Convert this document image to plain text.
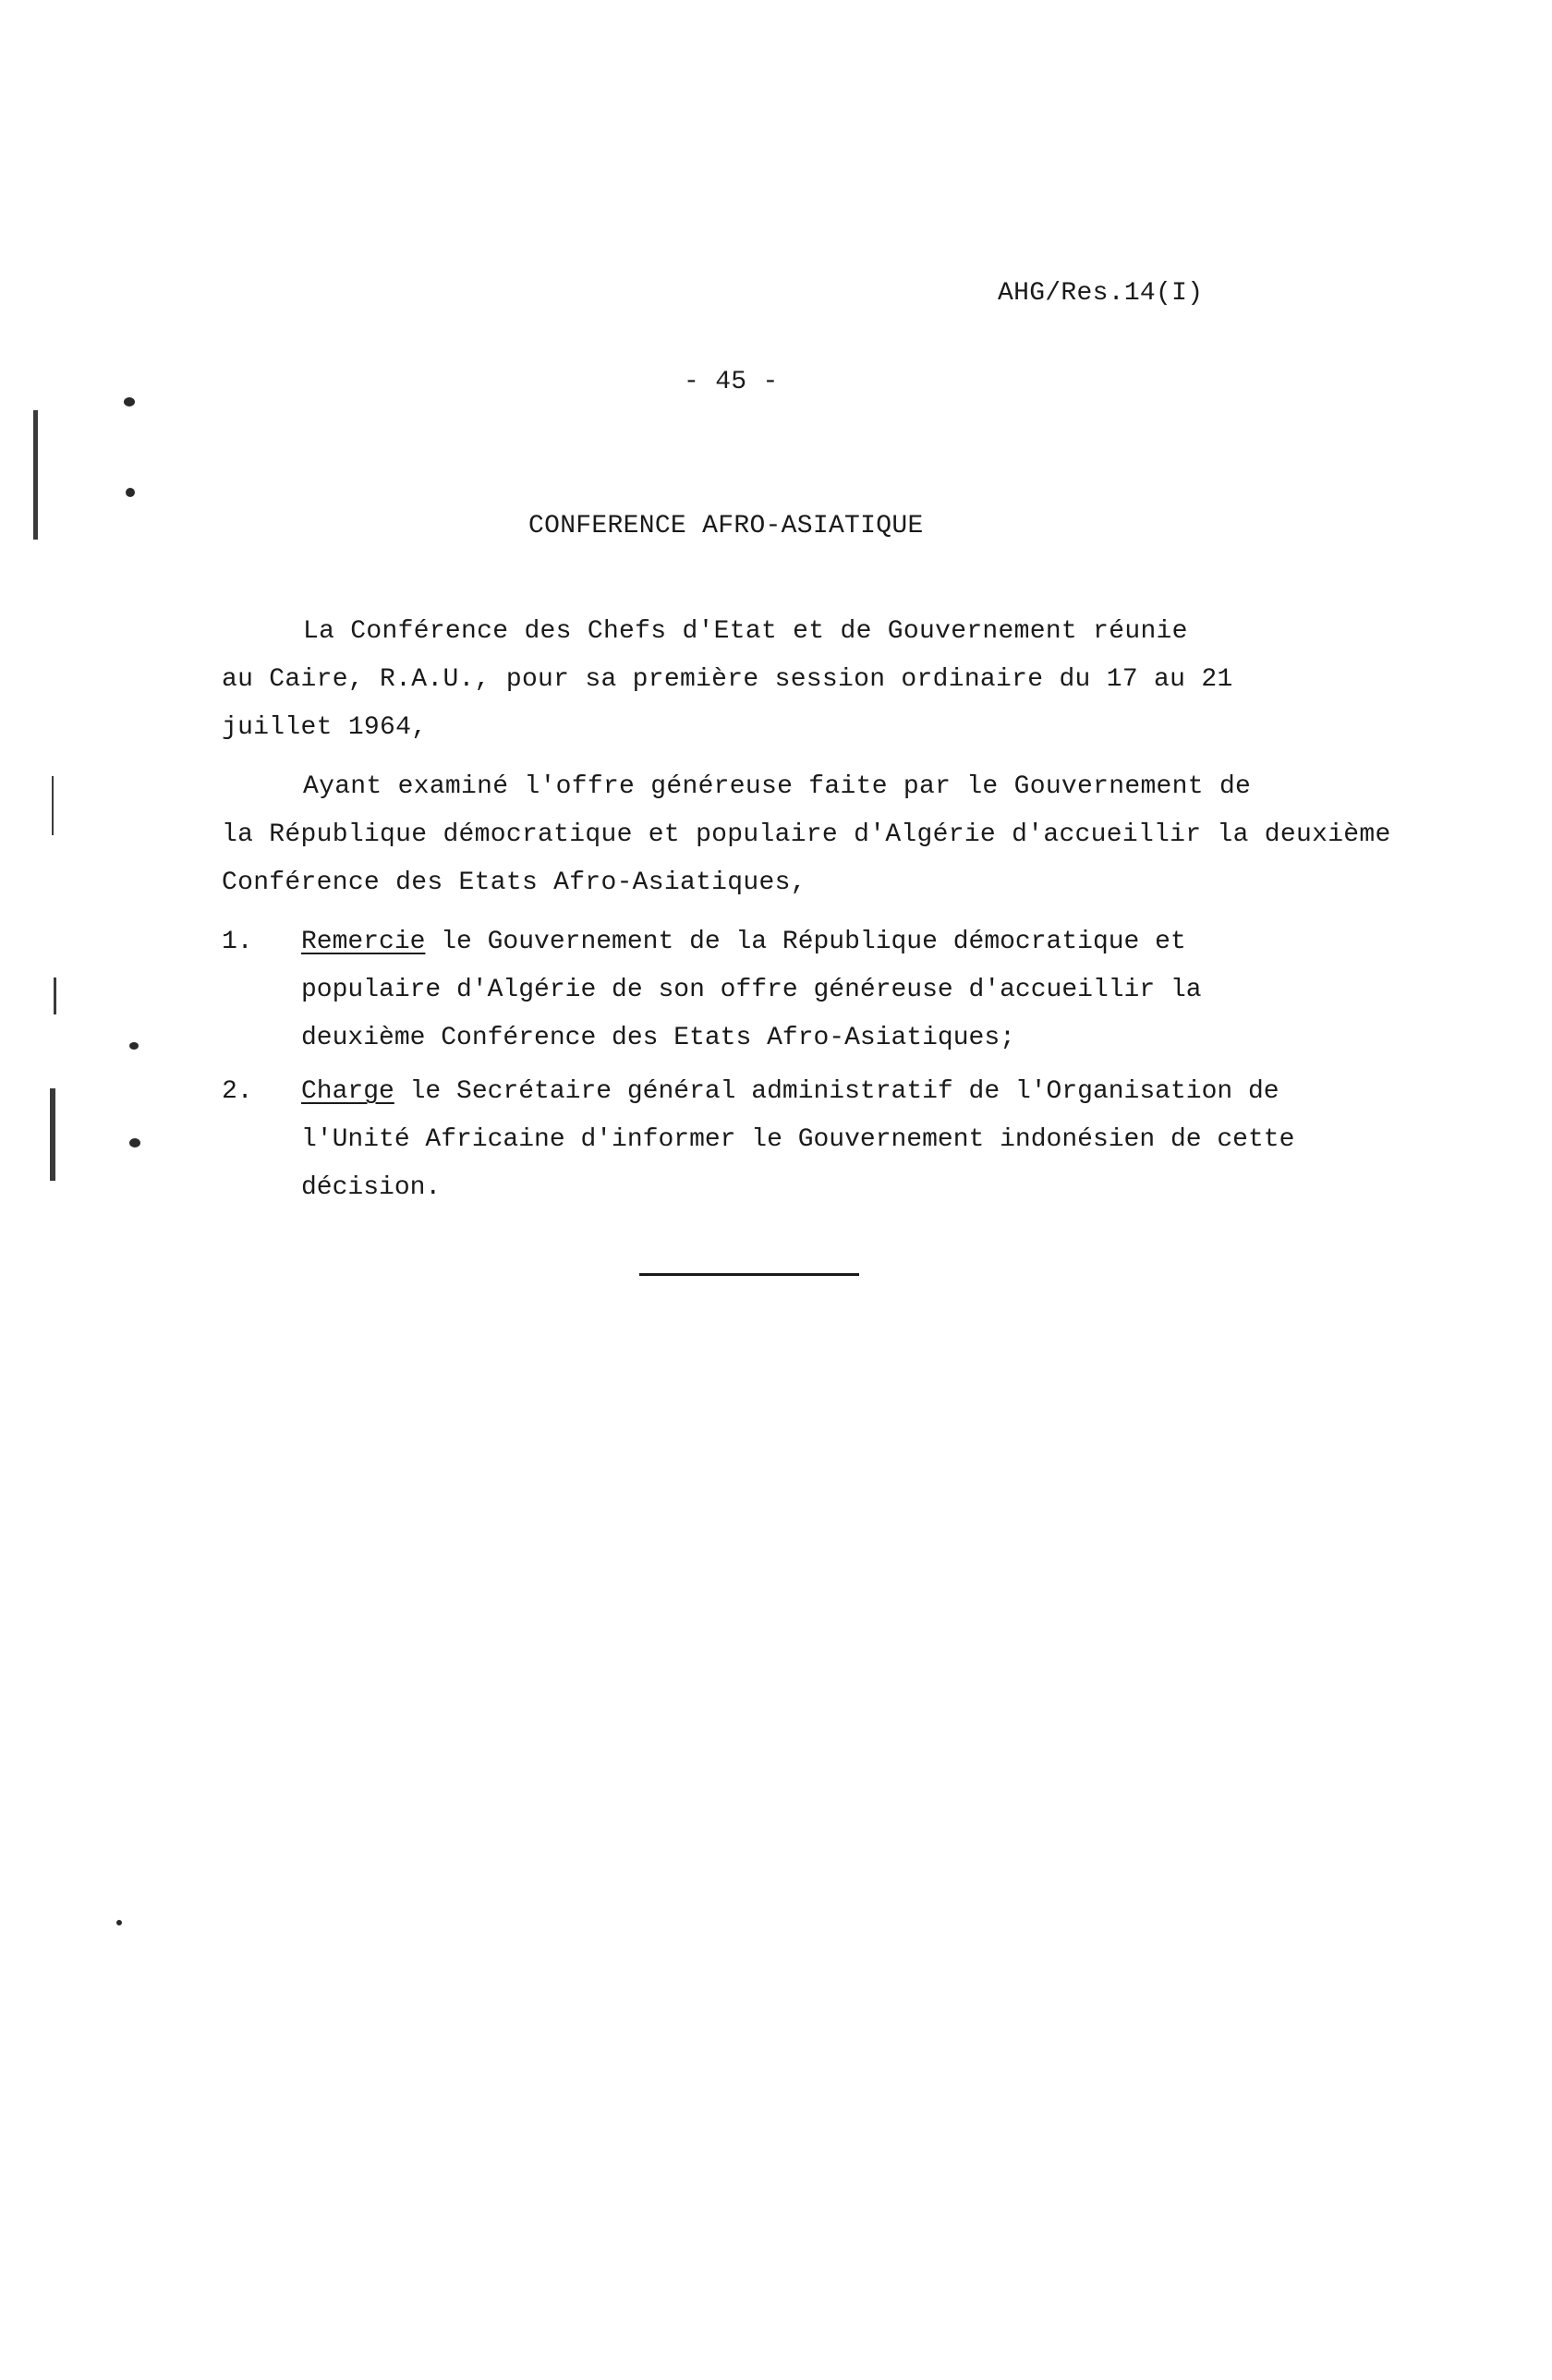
AHG/Res.14(I)
- 45 -
CONFERENCE AFRO-ASIATIQUE
La Conférence des Chefs d'Etat et de Gouvernement réunie
au Caire, R.A.U., pour sa première session ordinaire du 17 au 21
juillet 1964,
Ayant examiné l'offre généreuse faite par le Gouvernement de
la République démocratique et populaire d'Algérie d'accueillir la deuxième
Conférence des Etats Afro-Asiatiques,
1. Remercie le Gouvernement de la République démocratique et
populaire d'Algérie de son offre généreuse d'accueillir la
deuxième Conférence des Etats Afro-Asiatiques;
2. Charge le Secrétaire général administratif de l'Organisation de
l'Unité Africaine d'informer le Gouvernement indonésien de cette
décision.
